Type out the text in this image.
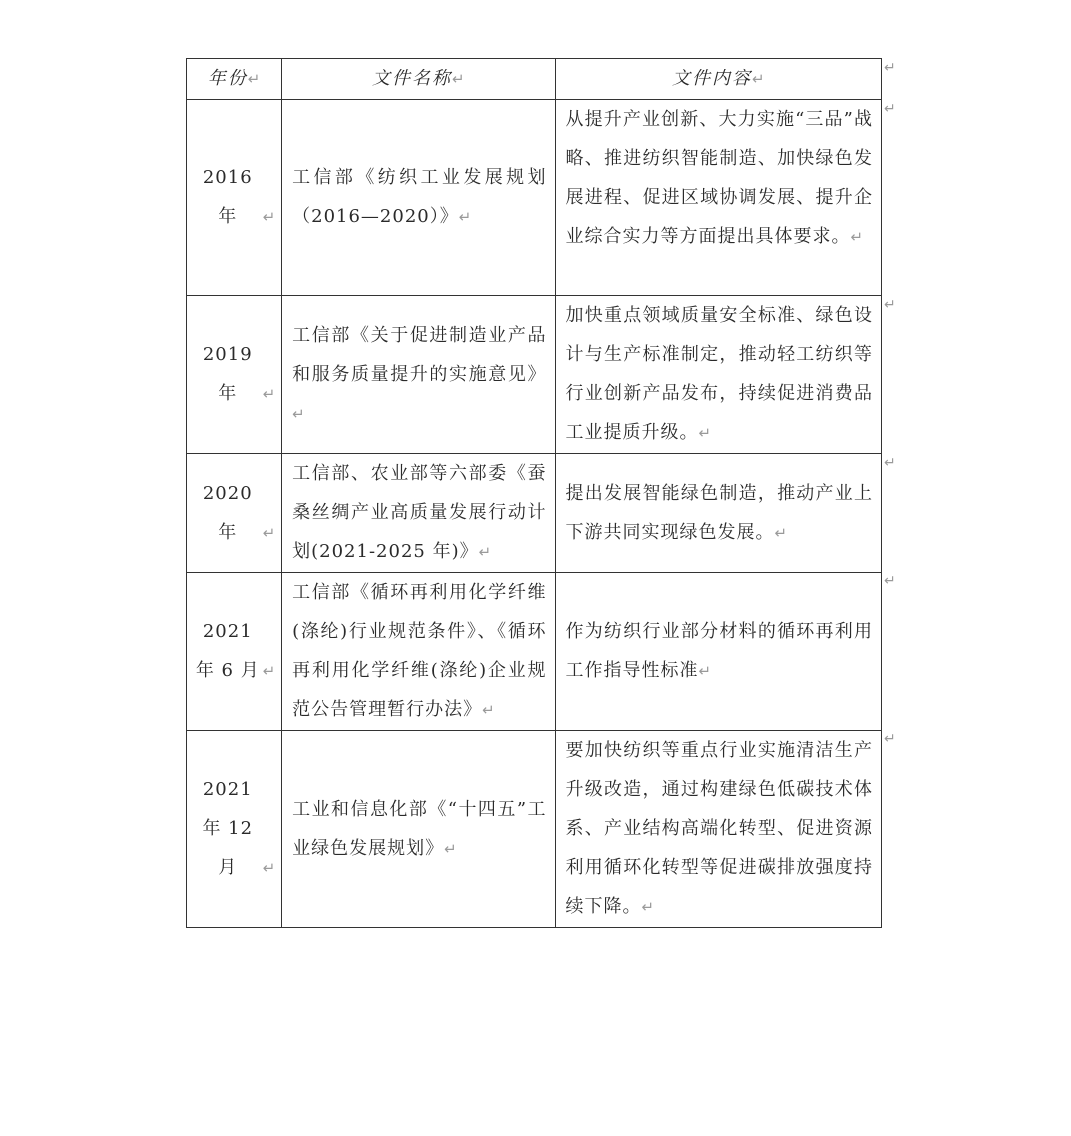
年份↵	文件名称↵	文件内容↵
2016 年 ↵	工信部《纺织工业发展规划（2016—2020）》↵	从提升产业创新、大力实施“三品”战略、推进纺织智能制造、加快绿色发展进程、促进区域协调发展、提升企业综合实力等方面提出具体要求。↵
2019 年 ↵	工信部《关于促进制造业产品和服务质量提升的实施意见》↵	加快重点领域质量安全标准、绿色设计与生产标准制定，推动轻工纺织等行业创新产品发布，持续促进消费品工业提质升级。↵
2020 年 ↵	工信部、农业部等六部委《蚕桑丝绸产业高质量发展行动计划(2021-2025 年)》↵	提出发展智能绿色制造，推动产业上下游共同实现绿色发展。↵
2021 年 6 月 ↵	工信部《循环再利用化学纤维(涤纶)行业规范条件》、《循环再利用化学纤维(涤纶)企业规范公告管理暂行办法》↵	作为纺织行业部分材料的循环再利用工作指导性标准↵
2021 年 12 月 ↵	工业和信息化部《“十四五”工业绿色发展规划》↵	要加快纺织等重点行业实施清洁生产升级改造，通过构建绿色低碳技术体系、产业结构高端化转型、促进资源利用循环化转型等促进碳排放强度持续下降。↵
↵
↵
↵
↵
↵
↵
